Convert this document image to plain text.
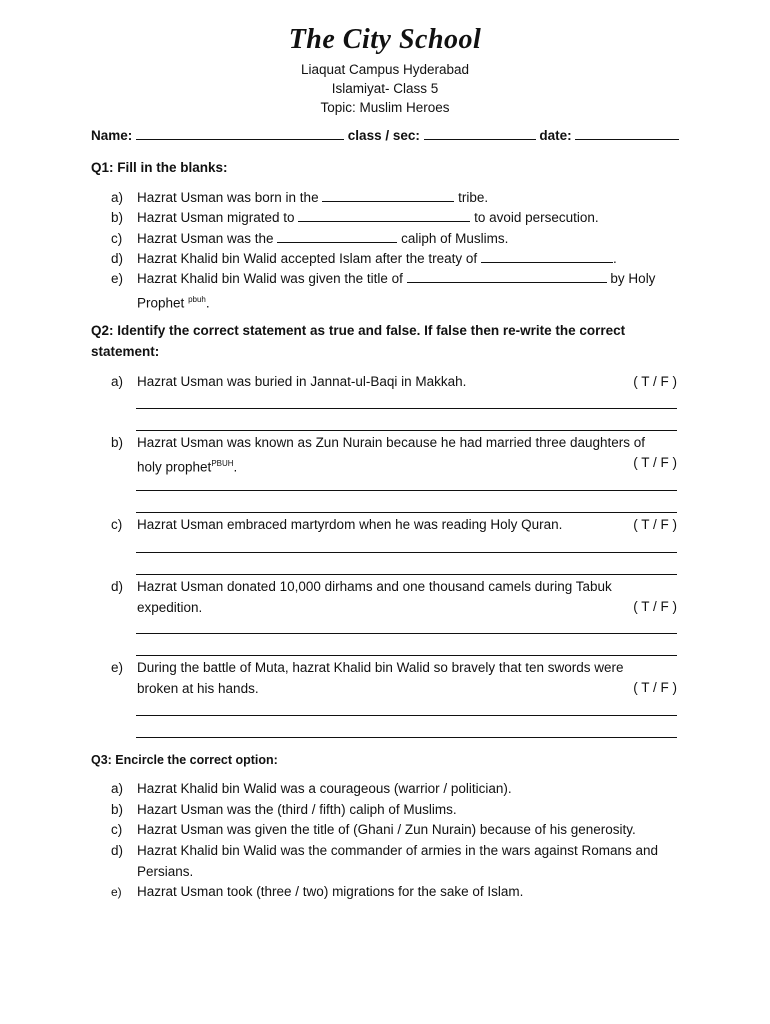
The City School
Liaquat Campus Hyderabad
Islamiyat- Class 5
Topic: Muslim Heroes
Name:	class / sec:	date:
Q1: Fill in the blanks:
a)	Hazrat Usman was born in the	tribe.
b)	Hazrat Usman migrated to	to avoid persecution.
c)	Hazrat Usman was the	caliph of Muslims.
d)	Hazrat Khalid bin Walid accepted Islam after the treaty of	.
e)	Hazrat Khalid bin Walid was given the title of	by Holy
Prophet $^{pbuh}$.
Q2: Identify the correct statement as true and false. If false then re-write the correct statement:
a)	Hazrat Usman was buried in Jannat-ul-Baqi in Makkah.	( T / F )
b)	Hazrat Usman was known as Zun Nurain because he had married three daughters of
holy prophet$^{PBUH}$.	( T / F )
c)	Hazrat Usman embraced martyrdom when he was reading Holy Quran.	( T / F )
d)	Hazrat Usman donated 10,000 dirhams and one thousand camels during Tabuk
expedition.	( T / F )
e)	During the battle of Muta, hazrat Khalid bin Walid so bravely that ten swords were
broken at his hands.	( T / F )
Q3: Encircle the correct option:
a)	Hazrat Khalid bin Walid was a courageous (warrior / politician).
b)	Hazart Usman was the (third / fifth) caliph of Muslims.
c)	Hazrat Usman was given the title of (Ghani / Zun Nurain) because of his generosity.
d)	Hazrat Khalid bin Walid was the commander of armies in the wars against Romans and
Persians.
e)	Hazrat Usman took (three / two) migrations for the sake of Islam.
